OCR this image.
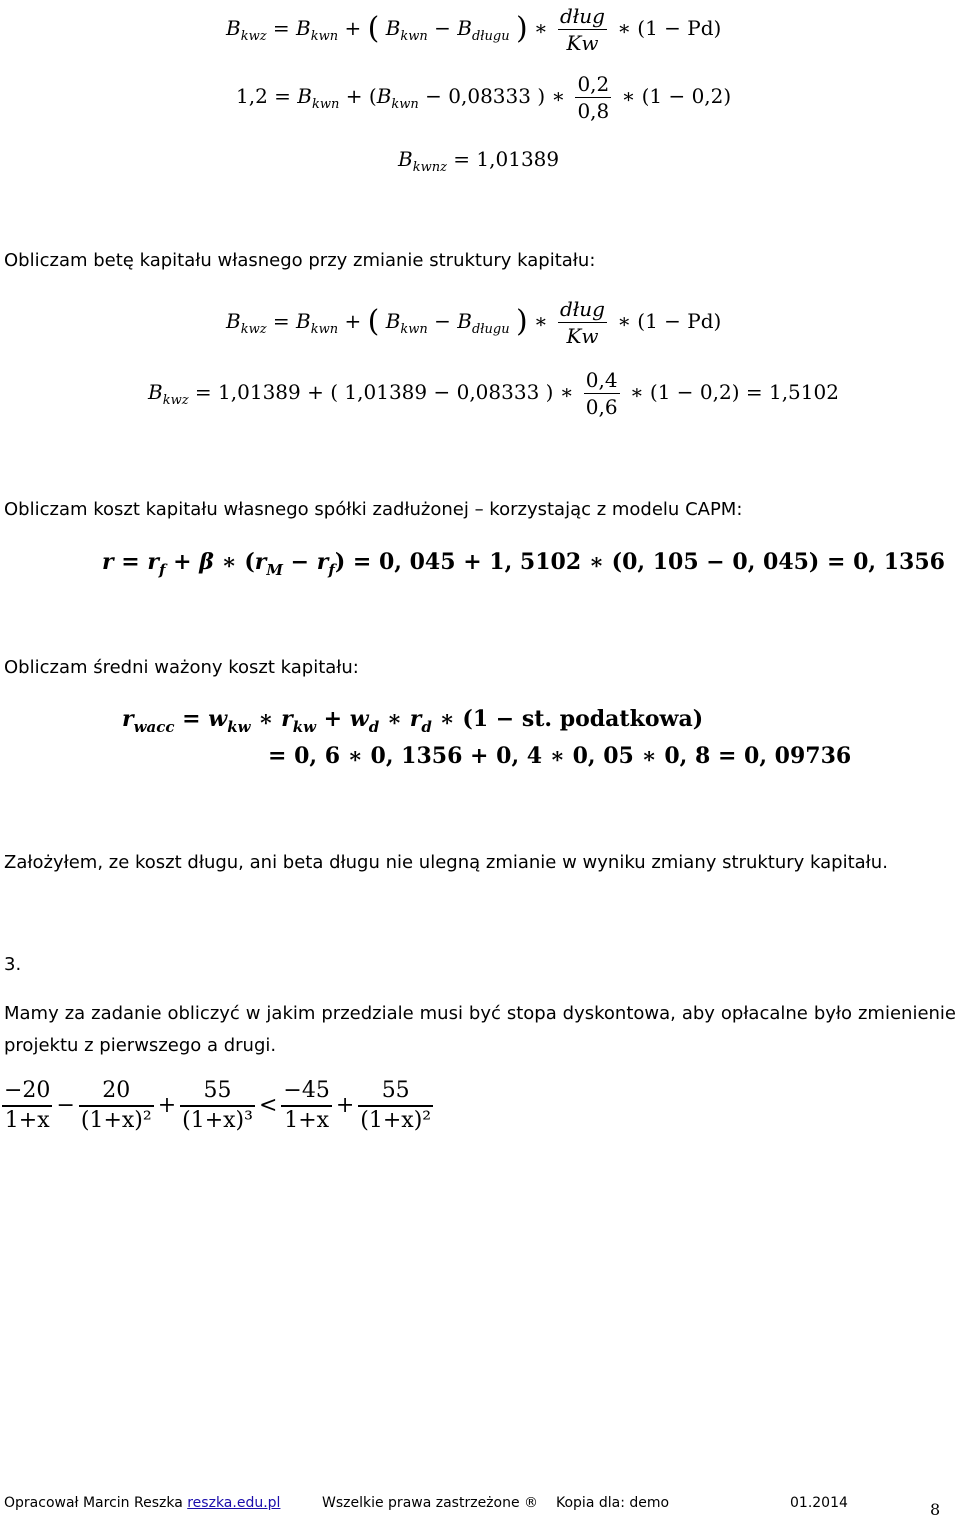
$B_{kwz} = B_{kwn}$ + ( $B_{kwn} - B_{długu}$ ) ∗ $\frac{\text{dług}}{Kw}$ ∗ (1 − Pd)
$1,2 = B_{kwn} + (B_{kwn} - 0,08333$ ) ∗ $\frac{0,2}{0,8}$ ∗ (1 − 0,2)
$B_{kwnz} = 1,01389$
Obliczam betę kapitału własnego przy zmianie struktury kapitału:
$B_{kwz} = B_{kwn}$ + ( $B_{kwn} - B_{długu}$ ) ∗ $\frac{\text{dług}}{Kw}$ ∗ (1 − Pd)
$B_{kwz} = 1,01389$ + ( 1,01389 − 0,08333 ) ∗ $\frac{0,4}{0,6}$ ∗ (1 − 0,2) = 1,5102
Obliczam koszt kapitału własnego spółki zadłużonej – korzystając z modelu CAPM:
$r = r_f + \beta$ ∗ $(r_M - r_f) = 0$, 045 + 1, 5102 ∗ (0, 105 − 0, 045) = 0, 1356
Obliczam średni ważony koszt kapitału:
$r_{wacc} = w_{kw}$ ∗ $r_{kw} + w_d$ ∗ $r_d$ ∗ (1 − st. podatkowa)
= 0, 6 ∗ 0, 1356 + 0, 4 ∗ 0, 05 ∗ 0, 8 = 0, 09736
Założyłem, ze koszt długu, ani beta długu nie ulegną zmianie w wyniku zmiany struktury kapitału.
3.
Mamy za zadanie obliczyć w jakim przedziale musi być stopa dyskontowa, aby opłacalne było zmienienie projektu z pierwszego a drugi.
$\frac{-20}{1+x} - \frac{20}{\text{(1+x)²}} + \frac{55}{\text{(1+x)³}} < \frac{-45}{1+x} + \frac{55}{\text{(1+x)²}}$
Opracował Marcin Reszka reszka.edu.pl	Wszelkie prawa zastrzeżone ® Kopia dla: demo	01.2014	8
